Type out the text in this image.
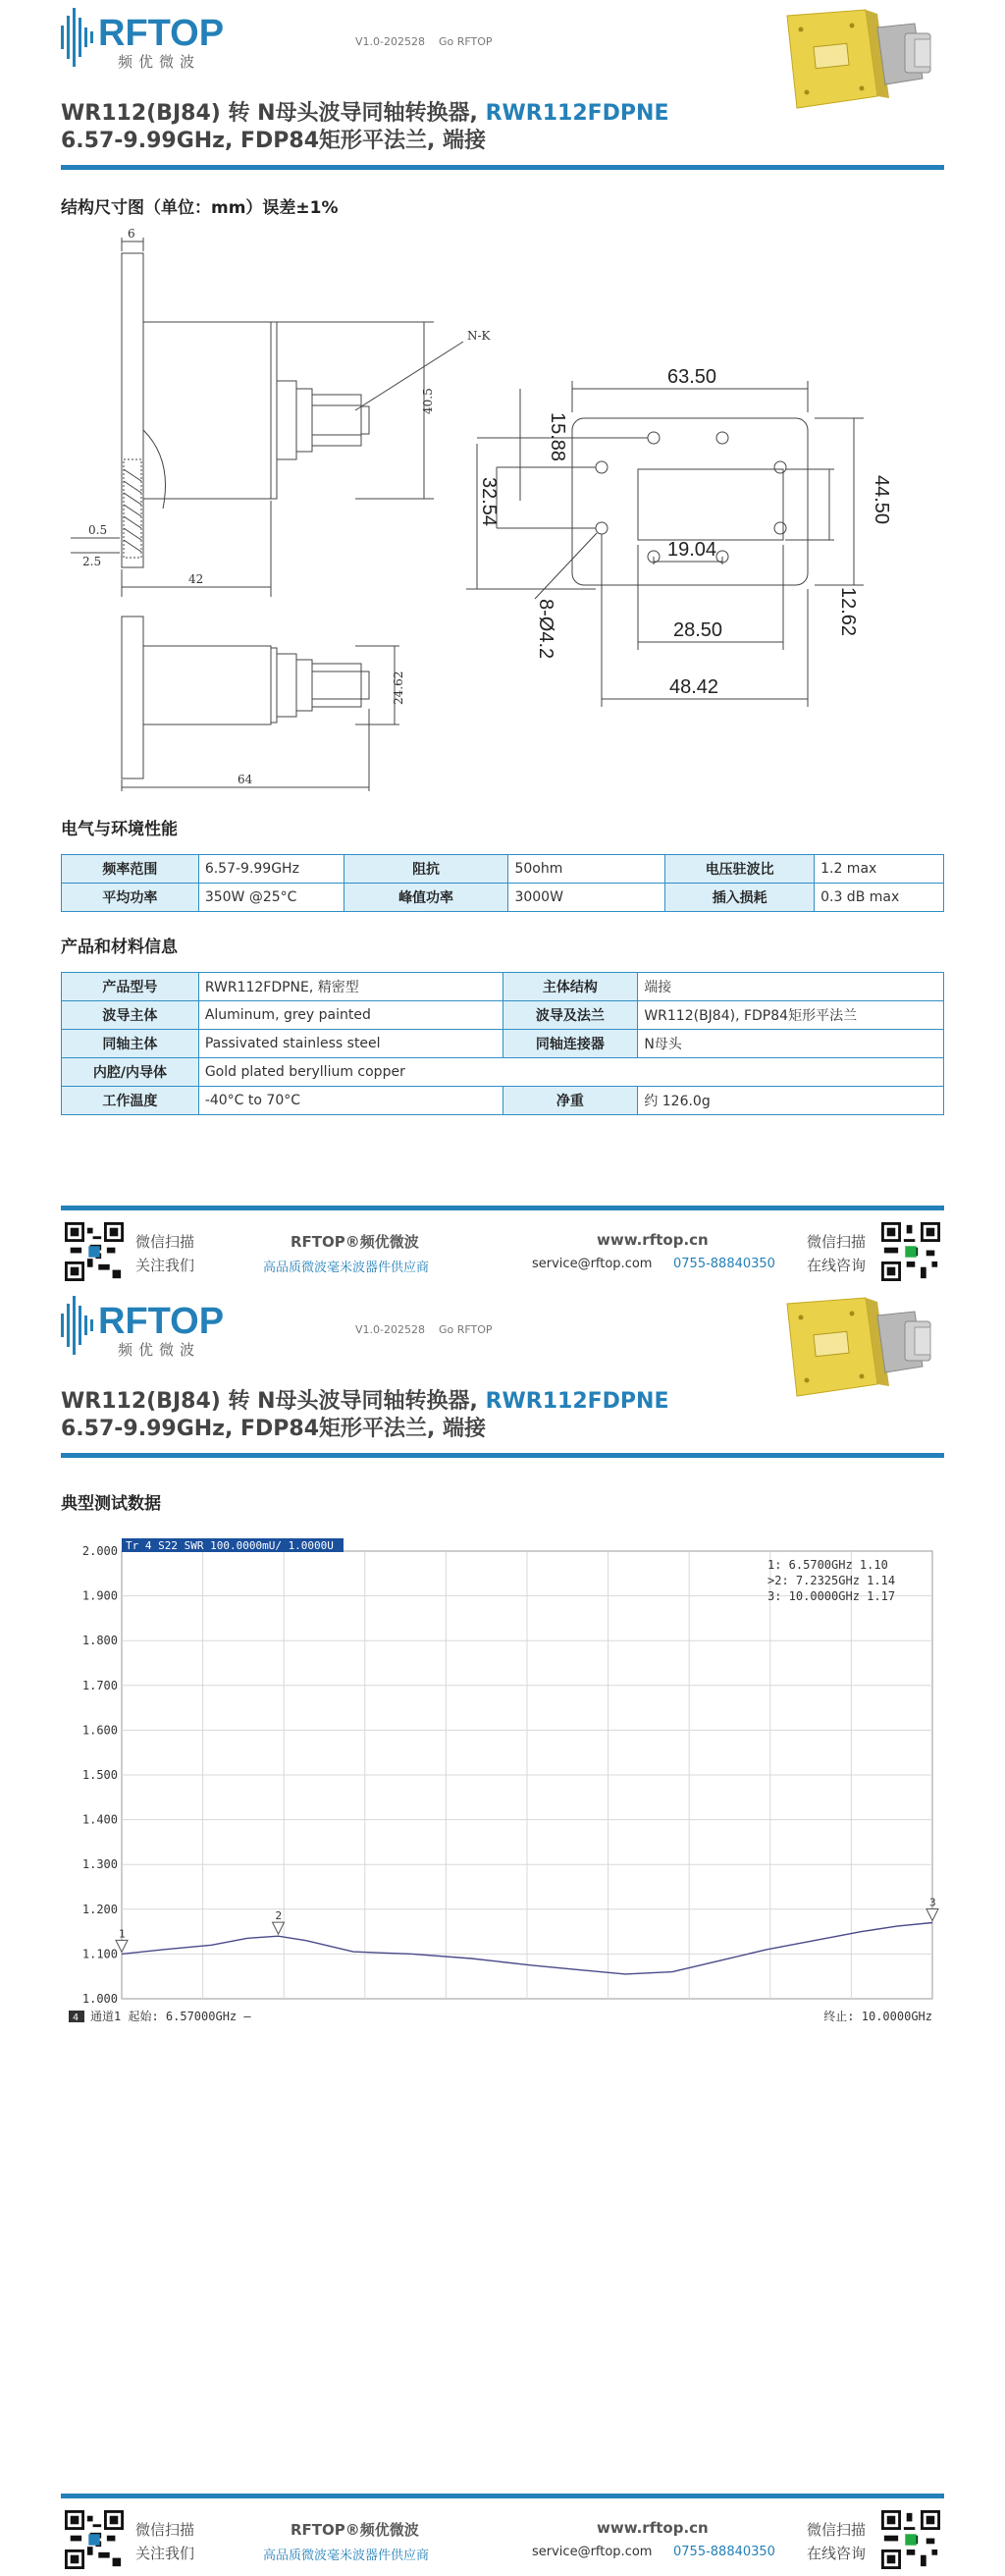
RFTOP
频优微波
V1.0-202528 Go RFTOP
WR112(BJ84) 转 N母头波导同轴转换器, RWR112FDPNE
6.57-9.99GHz, FDP84矩形平法兰, 端接
结构尺寸图（单位：mm）误差±1%
6
N-K
40.5
0.5
2.5
42
24.62
64
63.50
15.88
32.54	44.50
19.04
12.62
28.50
48.42
8-Ø4.2
电气与环境性能
频率范围	6.57-9.99GHz	阻抗	50ohm	电压驻波比	1.2 max
平均功率	350W @25°C	峰值功率	3000W	插入损耗	0.3 dB max
产品和材料信息
产品型号	RWR112FDPNE, 精密型	主体结构	端接
波导主体	Aluminum, grey painted	波导及法兰	WR112(BJ84), FDP84矩形平法兰
同轴主体	Passivated stainless steel	同轴连接器	N母头
内腔/内导体	Gold plated beryllium copper		
工作温度	-40°C to 70°C	净重	约 126.0g
微信扫描
关注我们
RFTOP®频优微波
高品质微波毫米波器件供应商
www.rftop.cn
service@rftop.com 0755-88840350
微信扫描
在线咨询
RFTOP
频优微波
V1.0-202528 Go RFTOP
WR112(BJ84) 转 N母头波导同轴转换器, RWR112FDPNE
6.57-9.99GHz, FDP84矩形平法兰, 端接
典型测试数据
2.000
1.900
1.800
1.700
1.600
1.500
1.400
1.300
1.200
1.100
1.000
Tr 4 S22 SWR 100.0000mU/ 1.0000U
1: 6.5700GHz 1.10
>2: 7.2325GHz 1.14
3: 10.0000GHz 1.17
1
2
3
4 通道1 起始: 6.57000GHz —	终止: 10.0000GHz
微信扫描
关注我们
RFTOP®频优微波
高品质微波毫米波器件供应商
www.rftop.cn
service@rftop.com 0755-88840350
微信扫描
在线咨询
